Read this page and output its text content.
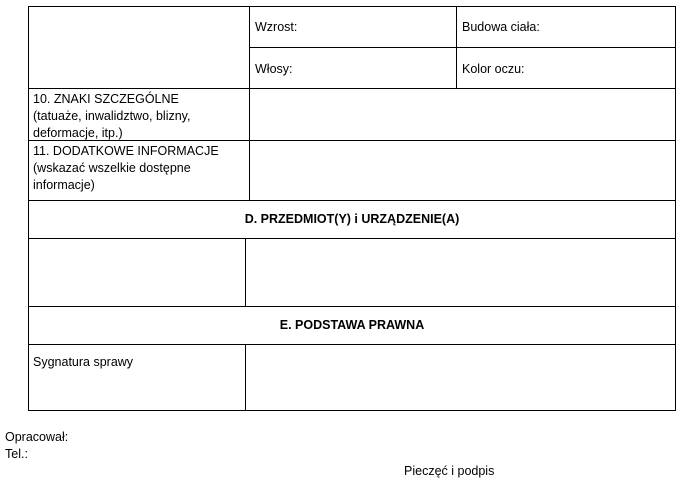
Wzrost:	Budowa ciała:
Włosy:	Kolor oczu:
10. ZNAKI SZCZEGÓLNE
(tatuaże, inwalidztwo, blizny, deformacje, itp.)
11. DODATKOWE INFORMACJE
(wskazać wszelkie dostępne informacje)
D. PRZEDMIOT(Y) i URZĄDZENIE(A)
E. PODSTAWA PRAWNA
Sygnatura sprawy
Opracował:
Tel.:
Pieczęć i podpis
